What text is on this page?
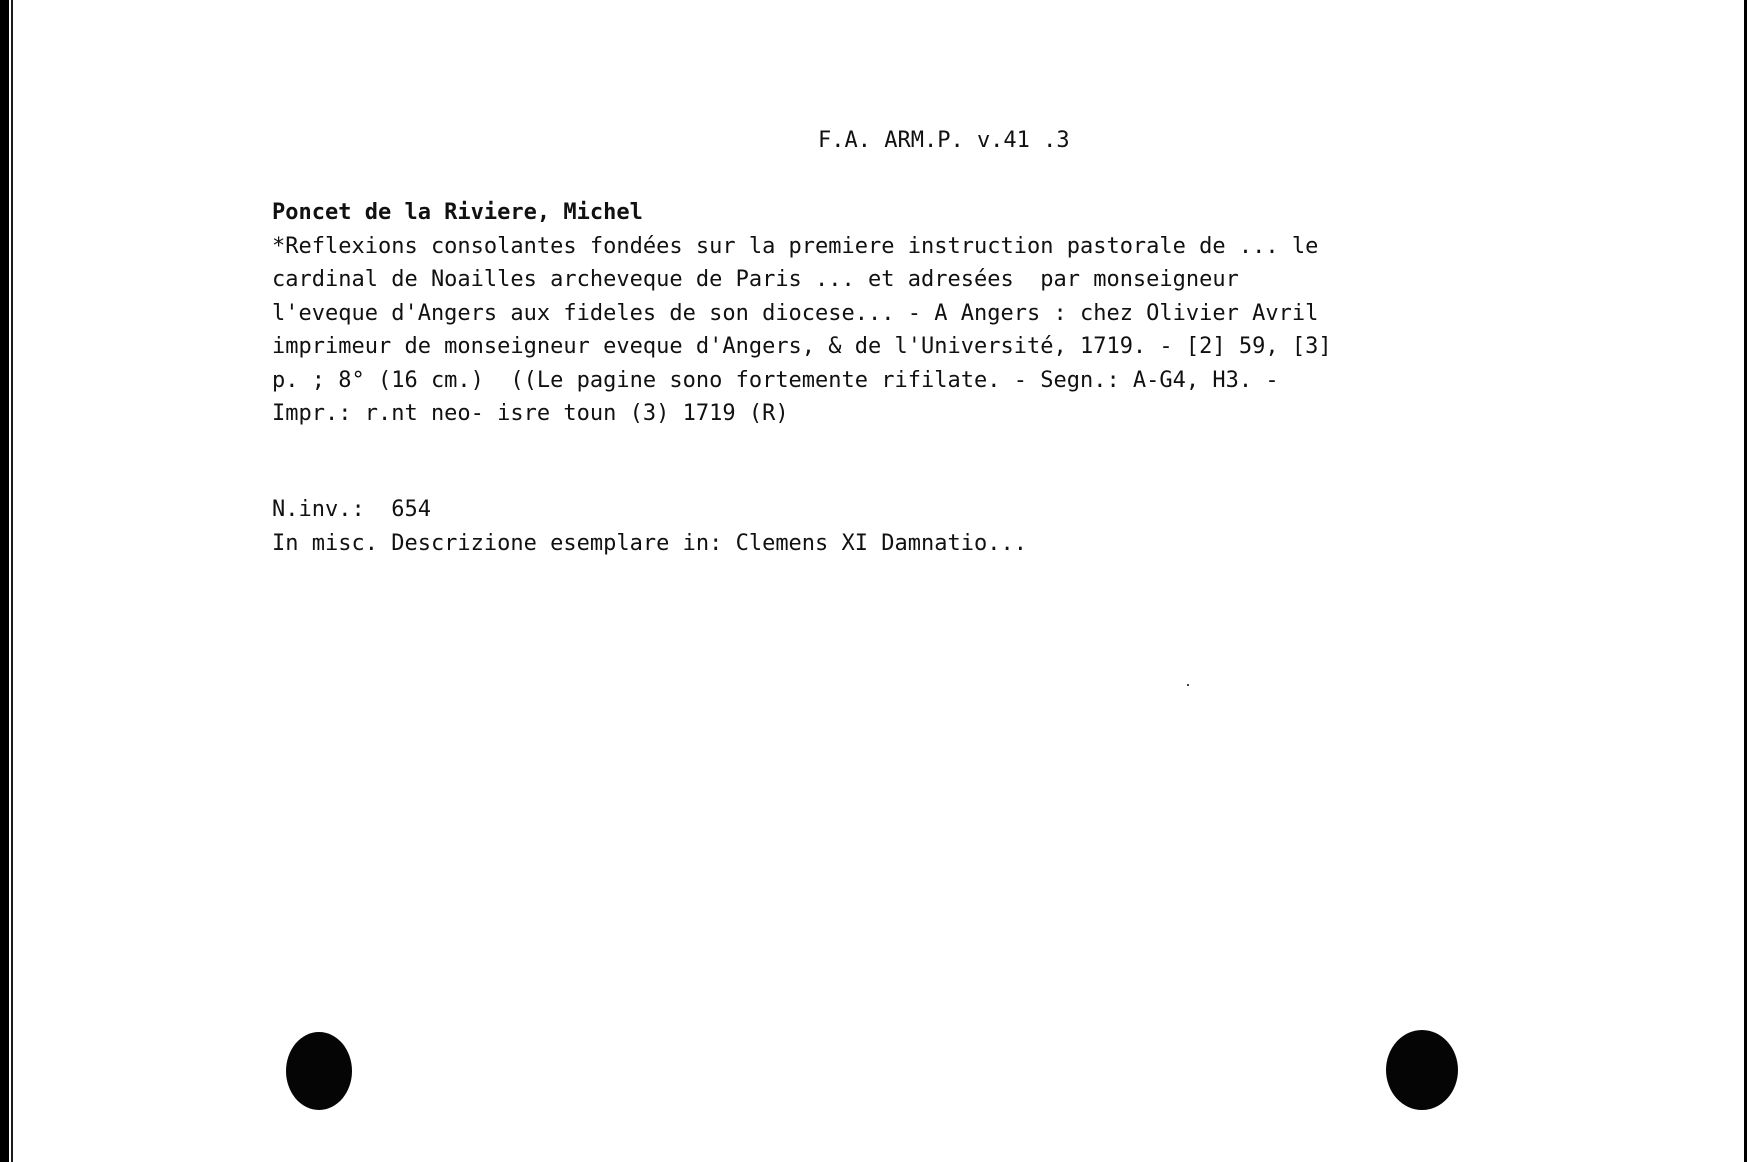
F.A. ARM.P. v.41 .3
Poncet de la Riviere, Michel
*Reflexions consolantes fondées sur la premiere instruction pastorale de ... le
cardinal de Noailles archeveque de Paris ... et adresées  par monseigneur
l'eveque d'Angers aux fideles de son diocese... - A Angers : chez Olivier Avril
imprimeur de monseigneur eveque d'Angers, & de l'Université, 1719. - [2] 59, [3]
p. ; 8° (16 cm.)  ((Le pagine sono fortemente rifilate. - Segn.: A-G4, H3. -
Impr.: r.nt neo- isre toun (3) 1719 (R)
N.inv.:  654
In misc. Descrizione esemplare in: Clemens XI Damnatio...
